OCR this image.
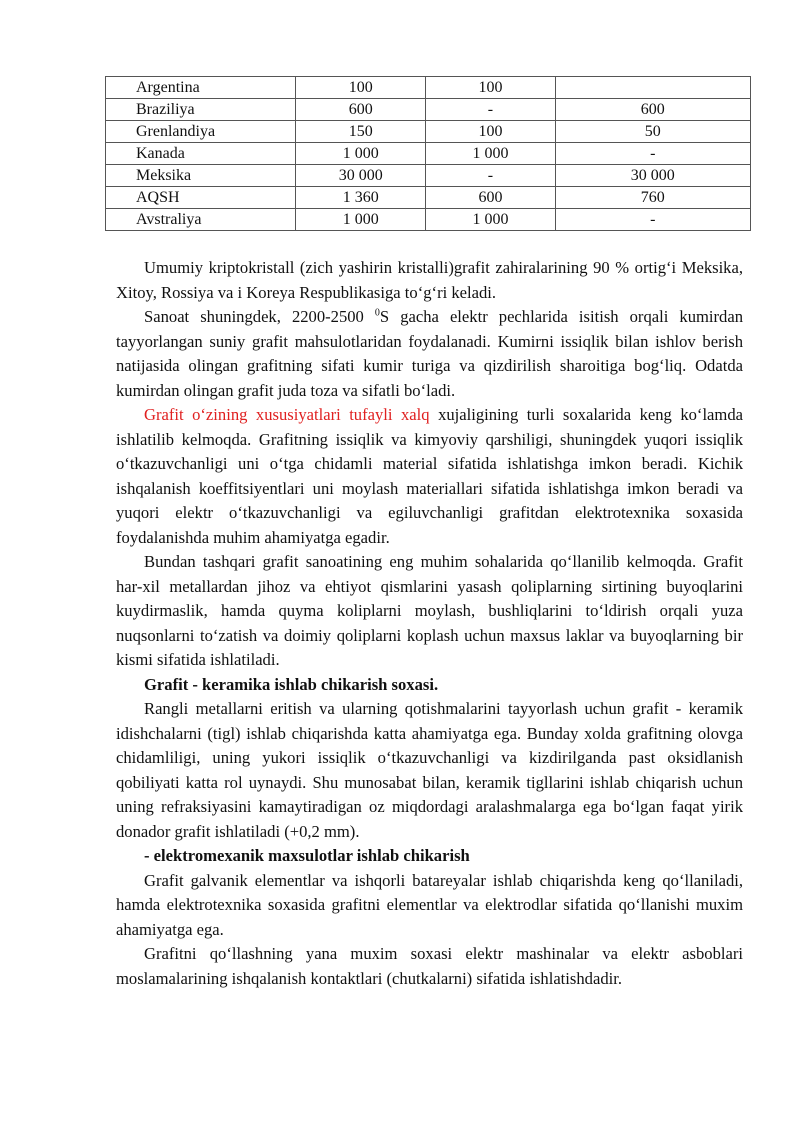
Argentina	100	100	
Braziliya	600	-	600
Grenlandiya	150	100	50
Kanada	1 000	1 000	-
Meksika	30 000	-	30 000
AQSH	1 360	600	760
Avstraliya	1 000	1 000	-

Umumiy kriptokristall (zich yashirin kristalli)grafit zahiralarining 90 % ortig‘i Meksika, Xitoy, Rossiya va i Koreya Respublikasiga to‘g‘ri keladi.

Sanoat shuningdek, 2200-2500 $^0$S gacha elektr pechlarida isitish orqali kumirdan tayyorlangan suniy grafit mahsulotlaridan foydalanadi. Kumirni issiqlik bilan ishlov berish natijasida olingan grafitning sifati kumir turiga va qizdirilish sharoitiga bog‘liq. Odatda kumirdan olingan grafit juda toza va sifatli bo‘ladi.

Grafit o‘zining xususiyatlari tufayli xalq xujaligining turli soxalarida keng ko‘lamda ishlatilib kelmoqda. Grafitning issiqlik va kimyoviy qarshiligi, shuningdek yuqori issiqlik o‘tkazuvchanligi uni o‘tga chidamli material sifatida ishlatishga imkon beradi. Kichik ishqalanish koeffitsiyentlari uni moylash materiallari sifatida ishlatishga imkon beradi va yuqori elektr o‘tkazuvchanligi va egiluvchanligi grafitdan elektrotexnika soxasida foydalanishda muhim ahamiyatga egadir.

Bundan tashqari grafit sanoatining eng muhim sohalarida qo‘llanilib kelmoqda. Grafit har-xil metallardan jihoz va ehtiyot qismlarini yasash qoliplarning sirtining buyoqlarini kuydirmaslik, hamda quyma koliplarni moylash, bushliqlarini to‘ldirish orqali yuza nuqsonlarni to‘zatish va doimiy qoliplarni koplash uchun maxsus laklar va buyoqlarning bir kismi sifatida ishlatiladi.

Grafit - keramika ishlab chikarish soxasi.

Rangli metallarni eritish va ularning qotishmalarini tayyorlash uchun grafit - keramik idishchalarni (tigl) ishlab chiqarishda katta ahamiyatga ega. Bunday xolda grafitning olovga chidamliligi, uning yukori issiqlik o‘tkazuvchanligi va kizdirilganda past oksidlanish qobiliyati katta rol uynaydi. Shu munosabat bilan, keramik tigllarini ishlab chiqarish uchun uning refraksiyasini kamaytiradigan oz miqdordagi aralashmalarga ega bo‘lgan faqat yirik donador grafit ishlatiladi (+0,2 mm).

- elektromexanik maxsulotlar ishlab chikarish

Grafit galvanik elementlar va ishqorli batareyalar ishlab chiqarishda keng qo‘llaniladi, hamda elektrotexnika soxasida grafitni elementlar va elektrodlar sifatida qo‘llanishi muxim ahamiyatga ega.

Grafitni qo‘llashning yana muxim soxasi elektr mashinalar va elektr asboblari moslamalarining ishqalanish kontaktlari (chutkalarni) sifatida ishlatishdadir.
